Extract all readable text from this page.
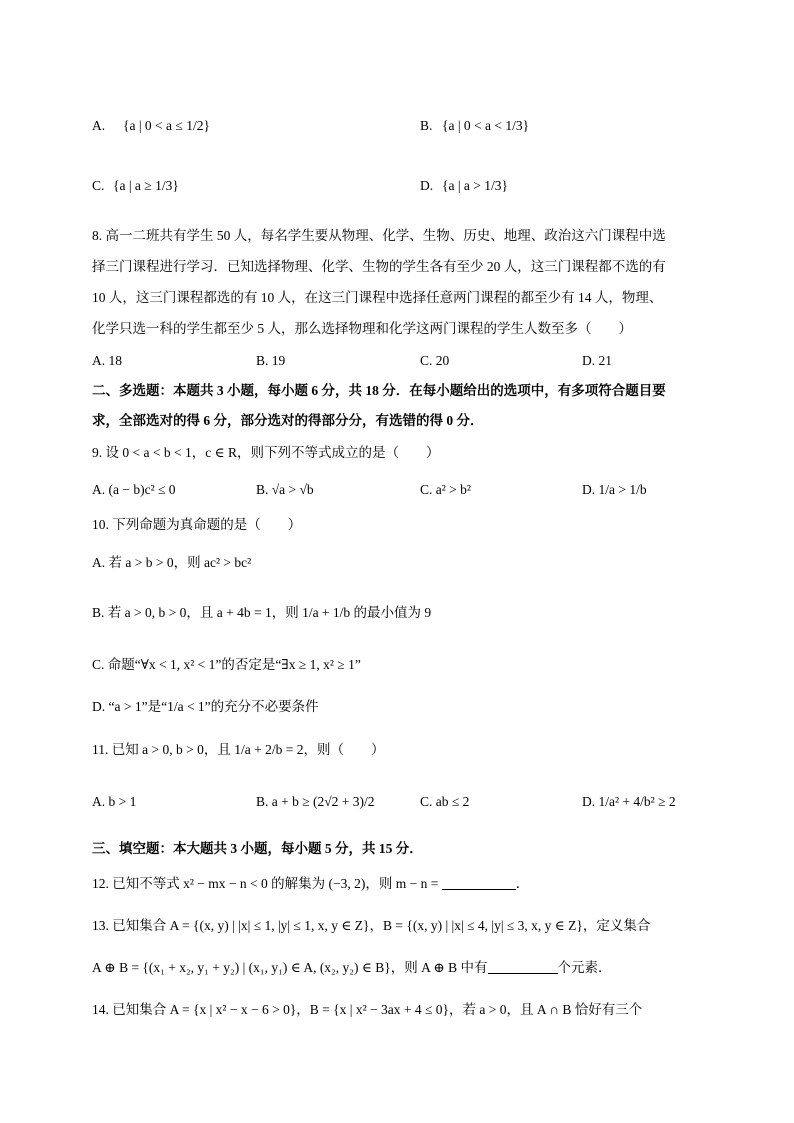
A. {a | 0 < a ≤ 1/2}	B. {a | 0 < a < 1/3}
C. {a | a ≥ 1/3}	D. {a | a > 1/3}
8. 高一二班共有学生 50 人，每名学生要从物理、化学、生物、历史、地理、政治这六门课程中选
择三门课程进行学习．已知选择物理、化学、生物的学生各有至少 20 人，这三门课程都不选的有
10 人，这三门课程都选的有 10 人，在这三门课程中选择任意两门课程的都至少有 14 人，物理、
化学只选一科的学生都至少 5 人，那么选择物理和化学这两门课程的学生人数至多（　　）
A. 18	B. 19	C. 20	D. 21
二、多选题：本题共 3 小题，每小题 6 分，共 18 分．在每小题给出的选项中，有多项符合题目要
求，全部选对的得 6 分，部分选对的得部分分，有选错的得 0 分．
9. 设 0 < a < b < 1，c ∈ R，则下列不等式成立的是（　　）
A. (a − b)c² ≤ 0	B. √a > √b	C. a² > b²	D. 1/a > 1/b
10. 下列命题为真命题的是（　　）
A. 若 a > b > 0，则 ac² > bc²
B. 若 a > 0, b > 0，且 a + 4b = 1，则 1/a + 1/b 的最小值为 9
C. 命题“∀x < 1, x² < 1”的否定是“∃x ≥ 1, x² ≥ 1”
D. “a > 1”是“1/a < 1”的充分不必要条件
11. 已知 a > 0, b > 0，且 1/a + 2/b = 2，则（　　）
A. b > 1	B. a + b ≥ (2√2 + 3)/2	C. ab ≤ 2	D. 1/a² + 4/b² ≥ 2
三、填空题：本大题共 3 小题，每小题 5 分，共 15 分．
12. 已知不等式 x² − mx − n < 0 的解集为 (−3, 2)，则 m − n =	．
13. 已知集合 A = {(x, y) | |x| ≤ 1, |y| ≤ 1, x, y ∈ Z}，B = {(x, y) | |x| ≤ 4, |y| ≤ 3, x, y ∈ Z}，定义集合
A ⊕ B = {(x₁ + x₂, y₁ + y₂) | (x₁, y₁) ∈ A, (x₂, y₂) ∈ B}，则 A ⊕ B 中有	个元素．
14. 已知集合 A = {x | x² − x − 6 > 0}，B = {x | x² − 3ax + 4 ≤ 0}，若 a > 0，且 A ∩ B 恰好有三个
